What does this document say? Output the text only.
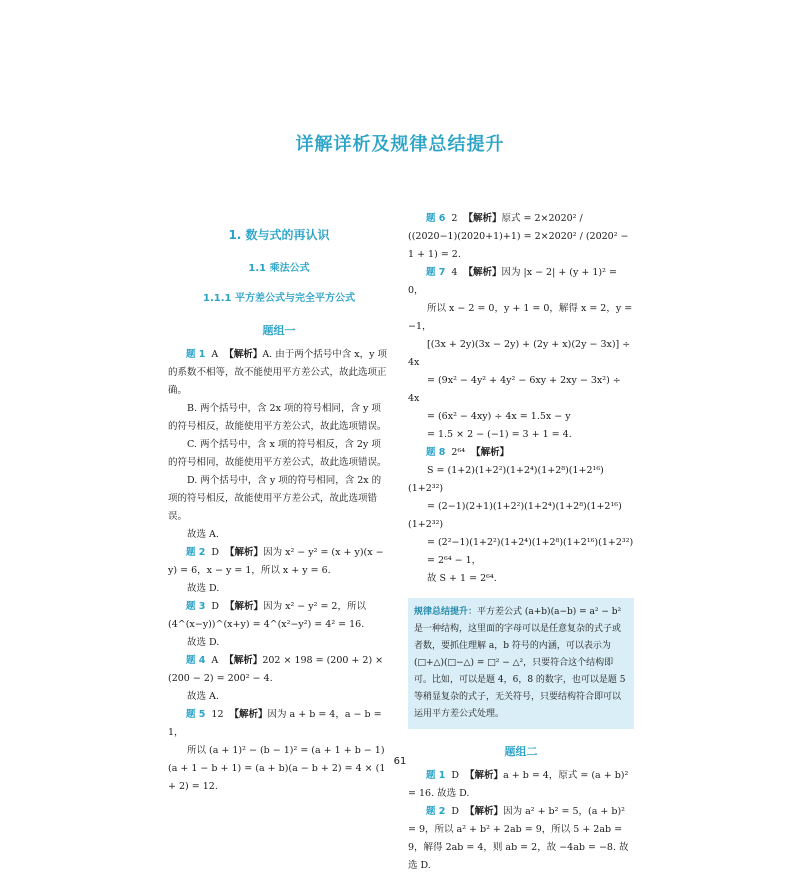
详解详析及规律总结提升
1. 数与式的再认识
1.1 乘法公式
1.1.1 平方差公式与完全平方公式
题组一

题 1 A 【解析】A. 由于两个括号中含 x，y 项的系数不相等，故不能使用平方差公式，故此选项正确。

B. 两个括号中，含 2x 项的符号相同，含 y 项的符号相反，故能使用平方差公式，故此选项错误。

C. 两个括号中，含 x 项的符号相反，含 2y 项的符号相同，故能使用平方差公式，故此选项错误。

D. 两个括号中，含 y 项的符号相同，含 2x 的项的符号相反，故能使用平方差公式，故此选项错误。

故选 A.

题 2 D 【解析】因为 x² − y² = (x + y)(x − y) = 6，x − y = 1，所以 x + y = 6.

故选 D.

题 3 D 【解析】因为 x² − y² = 2，所以 (4^(x−y))^(x+y) = 4^(x²−y²) = 4² = 16.

故选 D.

题 4 A 【解析】202 × 198 = (200 + 2) × (200 − 2) = 200² − 4.

故选 A.

题 5 12 【解析】因为 a + b = 4，a − b = 1，

所以 (a + 1)² − (b − 1)² = (a + 1 + b − 1)(a + 1 − b + 1) = (a + b)(a − b + 2) = 4 × (1 + 2) = 12.

题 6 2 【解析】原式 = 2×2020² / ((2020−1)(2020+1)+1) = 2×2020² / (2020² − 1 + 1) = 2.

题 7 4 【解析】因为 |x − 2| + (y + 1)² = 0，

所以 x − 2 = 0，y + 1 = 0，解得 x = 2，y = −1，

[(3x + 2y)(3x − 2y) + (2y + x)(2y − 3x)] ÷ 4x

= (9x² − 4y² + 4y² − 6xy + 2xy − 3x²) ÷ 4x

= (6x² − 4xy) ÷ 4x = 1.5x − y

= 1.5 × 2 − (−1) = 3 + 1 = 4.

题 8 2⁶⁴ 【解析】

S = (1+2)(1+2²)(1+2⁴)(1+2⁸)(1+2¹⁶)(1+2³²)

= (2−1)(2+1)(1+2²)(1+2⁴)(1+2⁸)(1+2¹⁶)(1+2³²)

= (2²−1)(1+2²)(1+2⁴)(1+2⁸)(1+2¹⁶)(1+2³²)

= 2⁶⁴ − 1，

故 S + 1 = 2⁶⁴.

规律总结提升：平方差公式 (a+b)(a−b) = a² − b² 是一种结构，这里面的字母可以是任意复杂的式子或者数，要抓住理解 a，b 符号的内涵，可以表示为 (□+△)(□−△) = □² − △²，只要符合这个结构即可。比如，可以是题 4，6，8 的数字，也可以是题 5 等稍显复杂的式子，无关符号，只要结构符合即可以运用平方差公式处理。
题组二

题 1 D 【解析】a + b = 4，原式 = (a + b)² = 16. 故选 D.

题 2 D 【解析】因为 a² + b² = 5，(a + b)² = 9，所以 a² + b² + 2ab = 9，所以 5 + 2ab = 9，解得 2ab = 4，则 ab = 2，故 −4ab = −8. 故选 D.

61
